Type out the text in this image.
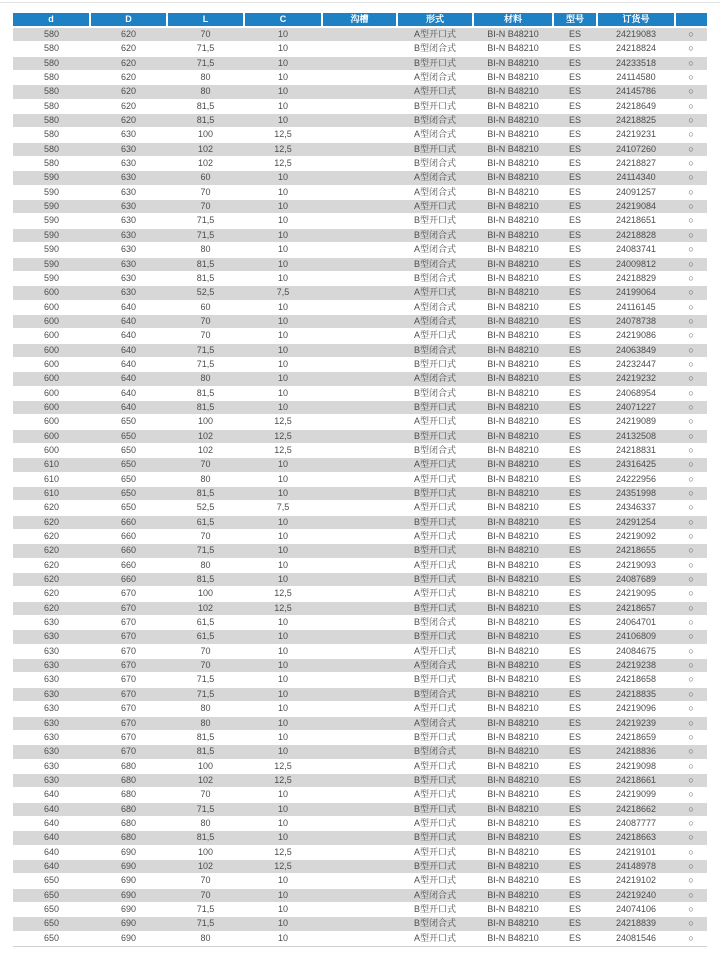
d	D	L	C	沟槽	形式	材料	型号	订货号	
580	620	70	10		A型开口式	BI-N B48210	ES	24219083	○
580	620	71,5	10		B型闭合式	BI-N B48210	ES	24218824	○
580	620	71,5	10		B型开口式	BI-N B48210	ES	24233518	○
580	620	80	10		A型闭合式	BI-N B48210	ES	24114580	○
580	620	80	10		A型开口式	BI-N B48210	ES	24145786	○
580	620	81,5	10		B型开口式	BI-N B48210	ES	24218649	○
580	620	81,5	10		B型闭合式	BI-N B48210	ES	24218825	○
580	630	100	12,5		A型闭合式	BI-N B48210	ES	24219231	○
580	630	102	12,5		B型开口式	BI-N B48210	ES	24107260	○
580	630	102	12,5		B型闭合式	BI-N B48210	ES	24218827	○
590	630	60	10		A型闭合式	BI-N B48210	ES	24114340	○
590	630	70	10		A型闭合式	BI-N B48210	ES	24091257	○
590	630	70	10		A型开口式	BI-N B48210	ES	24219084	○
590	630	71,5	10		B型开口式	BI-N B48210	ES	24218651	○
590	630	71,5	10		B型闭合式	BI-N B48210	ES	24218828	○
590	630	80	10		A型闭合式	BI-N B48210	ES	24083741	○
590	630	81,5	10		B型闭合式	BI-N B48210	ES	24009812	○
590	630	81,5	10		B型闭合式	BI-N B48210	ES	24218829	○
600	630	52,5	7,5		A型开口式	BI-N B48210	ES	24199064	○
600	640	60	10		A型闭合式	BI-N B48210	ES	24116145	○
600	640	70	10		A型闭合式	BI-N B48210	ES	24078738	○
600	640	70	10		A型开口式	BI-N B48210	ES	24219086	○
600	640	71,5	10		B型闭合式	BI-N B48210	ES	24063849	○
600	640	71,5	10		B型开口式	BI-N B48210	ES	24232447	○
600	640	80	10		A型闭合式	BI-N B48210	ES	24219232	○
600	640	81,5	10		B型闭合式	BI-N B48210	ES	24068954	○
600	640	81,5	10		B型开口式	BI-N B48210	ES	24071227	○
600	650	100	12,5		A型开口式	BI-N B48210	ES	24219089	○
600	650	102	12,5		B型开口式	BI-N B48210	ES	24132508	○
600	650	102	12,5		B型闭合式	BI-N B48210	ES	24218831	○
610	650	70	10		A型开口式	BI-N B48210	ES	24316425	○
610	650	80	10		A型开口式	BI-N B48210	ES	24222956	○
610	650	81,5	10		B型开口式	BI-N B48210	ES	24351998	○
620	650	52,5	7,5		A型开口式	BI-N B48210	ES	24346337	○
620	660	61,5	10		B型开口式	BI-N B48210	ES	24291254	○
620	660	70	10		A型开口式	BI-N B48210	ES	24219092	○
620	660	71,5	10		B型开口式	BI-N B48210	ES	24218655	○
620	660	80	10		A型开口式	BI-N B48210	ES	24219093	○
620	660	81,5	10		B型开口式	BI-N B48210	ES	24087689	○
620	670	100	12,5		A型开口式	BI-N B48210	ES	24219095	○
620	670	102	12,5		B型开口式	BI-N B48210	ES	24218657	○
630	670	61,5	10		B型闭合式	BI-N B48210	ES	24064701	○
630	670	61,5	10		B型开口式	BI-N B48210	ES	24106809	○
630	670	70	10		A型开口式	BI-N B48210	ES	24084675	○
630	670	70	10		A型闭合式	BI-N B48210	ES	24219238	○
630	670	71,5	10		B型开口式	BI-N B48210	ES	24218658	○
630	670	71,5	10		B型闭合式	BI-N B48210	ES	24218835	○
630	670	80	10		A型开口式	BI-N B48210	ES	24219096	○
630	670	80	10		A型闭合式	BI-N B48210	ES	24219239	○
630	670	81,5	10		B型开口式	BI-N B48210	ES	24218659	○
630	670	81,5	10		B型闭合式	BI-N B48210	ES	24218836	○
630	680	100	12,5		A型开口式	BI-N B48210	ES	24219098	○
630	680	102	12,5		B型开口式	BI-N B48210	ES	24218661	○
640	680	70	10		A型开口式	BI-N B48210	ES	24219099	○
640	680	71,5	10		B型开口式	BI-N B48210	ES	24218662	○
640	680	80	10		A型开口式	BI-N B48210	ES	24087777	○
640	680	81,5	10		B型开口式	BI-N B48210	ES	24218663	○
640	690	100	12,5		A型开口式	BI-N B48210	ES	24219101	○
640	690	102	12,5		B型开口式	BI-N B48210	ES	24148978	○
650	690	70	10		A型开口式	BI-N B48210	ES	24219102	○
650	690	70	10		A型闭合式	BI-N B48210	ES	24219240	○
650	690	71,5	10		B型开口式	BI-N B48210	ES	24074106	○
650	690	71,5	10		B型闭合式	BI-N B48210	ES	24218839	○
650	690	80	10		A型开口式	BI-N B48210	ES	24081546	○
